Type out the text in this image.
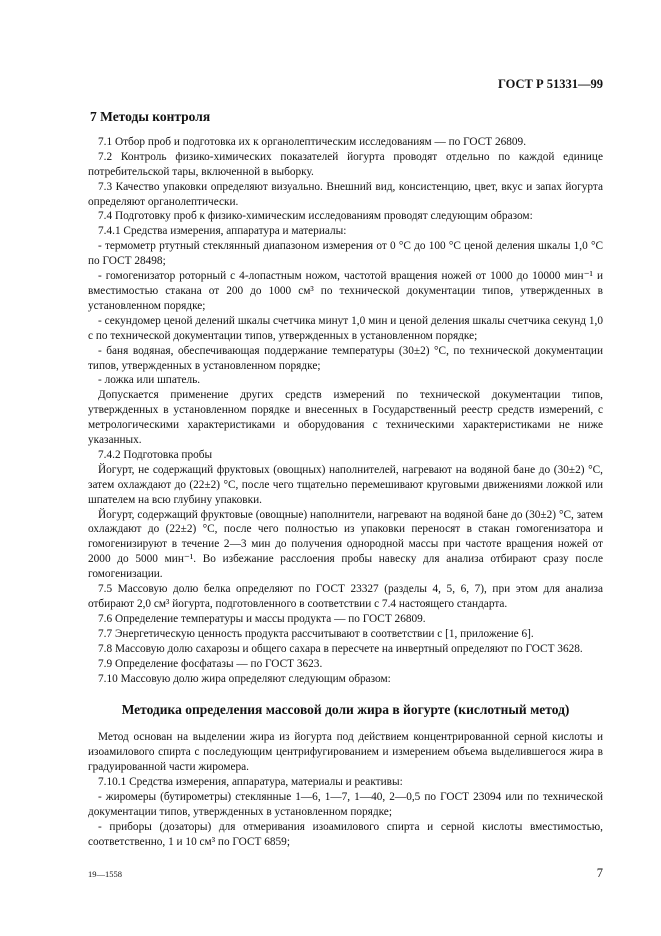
ГОСТ Р 51331—99
7 Методы контроля

7.1 Отбор проб и подготовка их к органолептическим исследованиям — по ГОСТ 26809.

7.2 Контроль физико-химических показателей йогурта проводят отдельно по каждой единице потребительской тары, включенной в выборку.

7.3 Качество упаковки определяют визуально. Внешний вид, консистенцию, цвет, вкус и запах йогурта определяют органолептически.

7.4 Подготовку проб к физико-химическим исследованиям проводят следующим образом:

7.4.1 Средства измерения, аппаратура и материалы:

- термометр ртутный стеклянный диапазоном измерения от 0 °С до 100 °С ценой деления шкалы 1,0 °С по ГОСТ 28498;

- гомогенизатор роторный с 4-лопастным ножом, частотой вращения ножей от 1000 до 10000 мин⁻¹ и вместимостью стакана от 200 до 1000 см³ по технической документации типов, утвержденных в установленном порядке;

- секундомер ценой делений шкалы счетчика минут 1,0 мин и ценой деления шкалы счетчика секунд 1,0 с по технической документации типов, утвержденных в установленном порядке;

- баня водяная, обеспечивающая поддержание температуры (30±2) °С, по технической документации типов, утвержденных в установленном порядке;

- ложка или шпатель.

Допускается применение других средств измерений по технической документации типов, утвержденных в установленном порядке и внесенных в Государственный реестр средств измерений, с метрологическими характеристиками и оборудования с техническими характеристиками не ниже указанных.

7.4.2 Подготовка пробы

Йогурт, не содержащий фруктовых (овощных) наполнителей, нагревают на водяной бане до (30±2) °С, затем охлаждают до (22±2) °С, после чего тщательно перемешивают круговыми движениями ложкой или шпателем на всю глубину упаковки.

Йогурт, содержащий фруктовые (овощные) наполнители, нагревают на водяной бане до (30±2) °С, затем охлаждают до (22±2) °С, после чего полностью из упаковки переносят в стакан гомогенизатора и гомогенизируют в течение 2—3 мин до получения однородной массы при частоте вращения ножей от 2000 до 5000 мин⁻¹. Во избежание расслоения пробы навеску для анализа отбирают сразу после гомогенизации.

7.5 Массовую долю белка определяют по ГОСТ 23327 (разделы 4, 5, 6, 7), при этом для анализа отбирают 2,0 см³ йогурта, подготовленного в соответствии с 7.4 настоящего стандарта.

7.6 Определение температуры и массы продукта — по ГОСТ 26809.

7.7 Энергетическую ценность продукта рассчитывают в соответствии с [1, приложение 6].

7.8 Массовую долю сахарозы и общего сахара в пересчете на инвертный определяют по ГОСТ 3628.

7.9 Определение фосфатазы — по ГОСТ 3623.

7.10 Массовую долю жира определяют следующим образом:

Методика определения массовой доли жира в йогурте (кислотный метод)

Метод основан на выделении жира из йогурта под действием концентрированной серной кислоты и изоамилового спирта с последующим центрифугированием и измерением объема выделившегося жира в градуированной части жиромера.

7.10.1 Средства измерения, аппаратура, материалы и реактивы:

- жиромеры (бутирометры) стеклянные 1—6, 1—7, 1—40, 2—0,5 по ГОСТ 23094 или по технической документации типов, утвержденных в установленном порядке;

- приборы (дозаторы) для отмеривания изоамилового спирта и серной кислоты вместимостью, соответственно, 1 и 10 см³ по ГОСТ 6859;

19—1558	7
